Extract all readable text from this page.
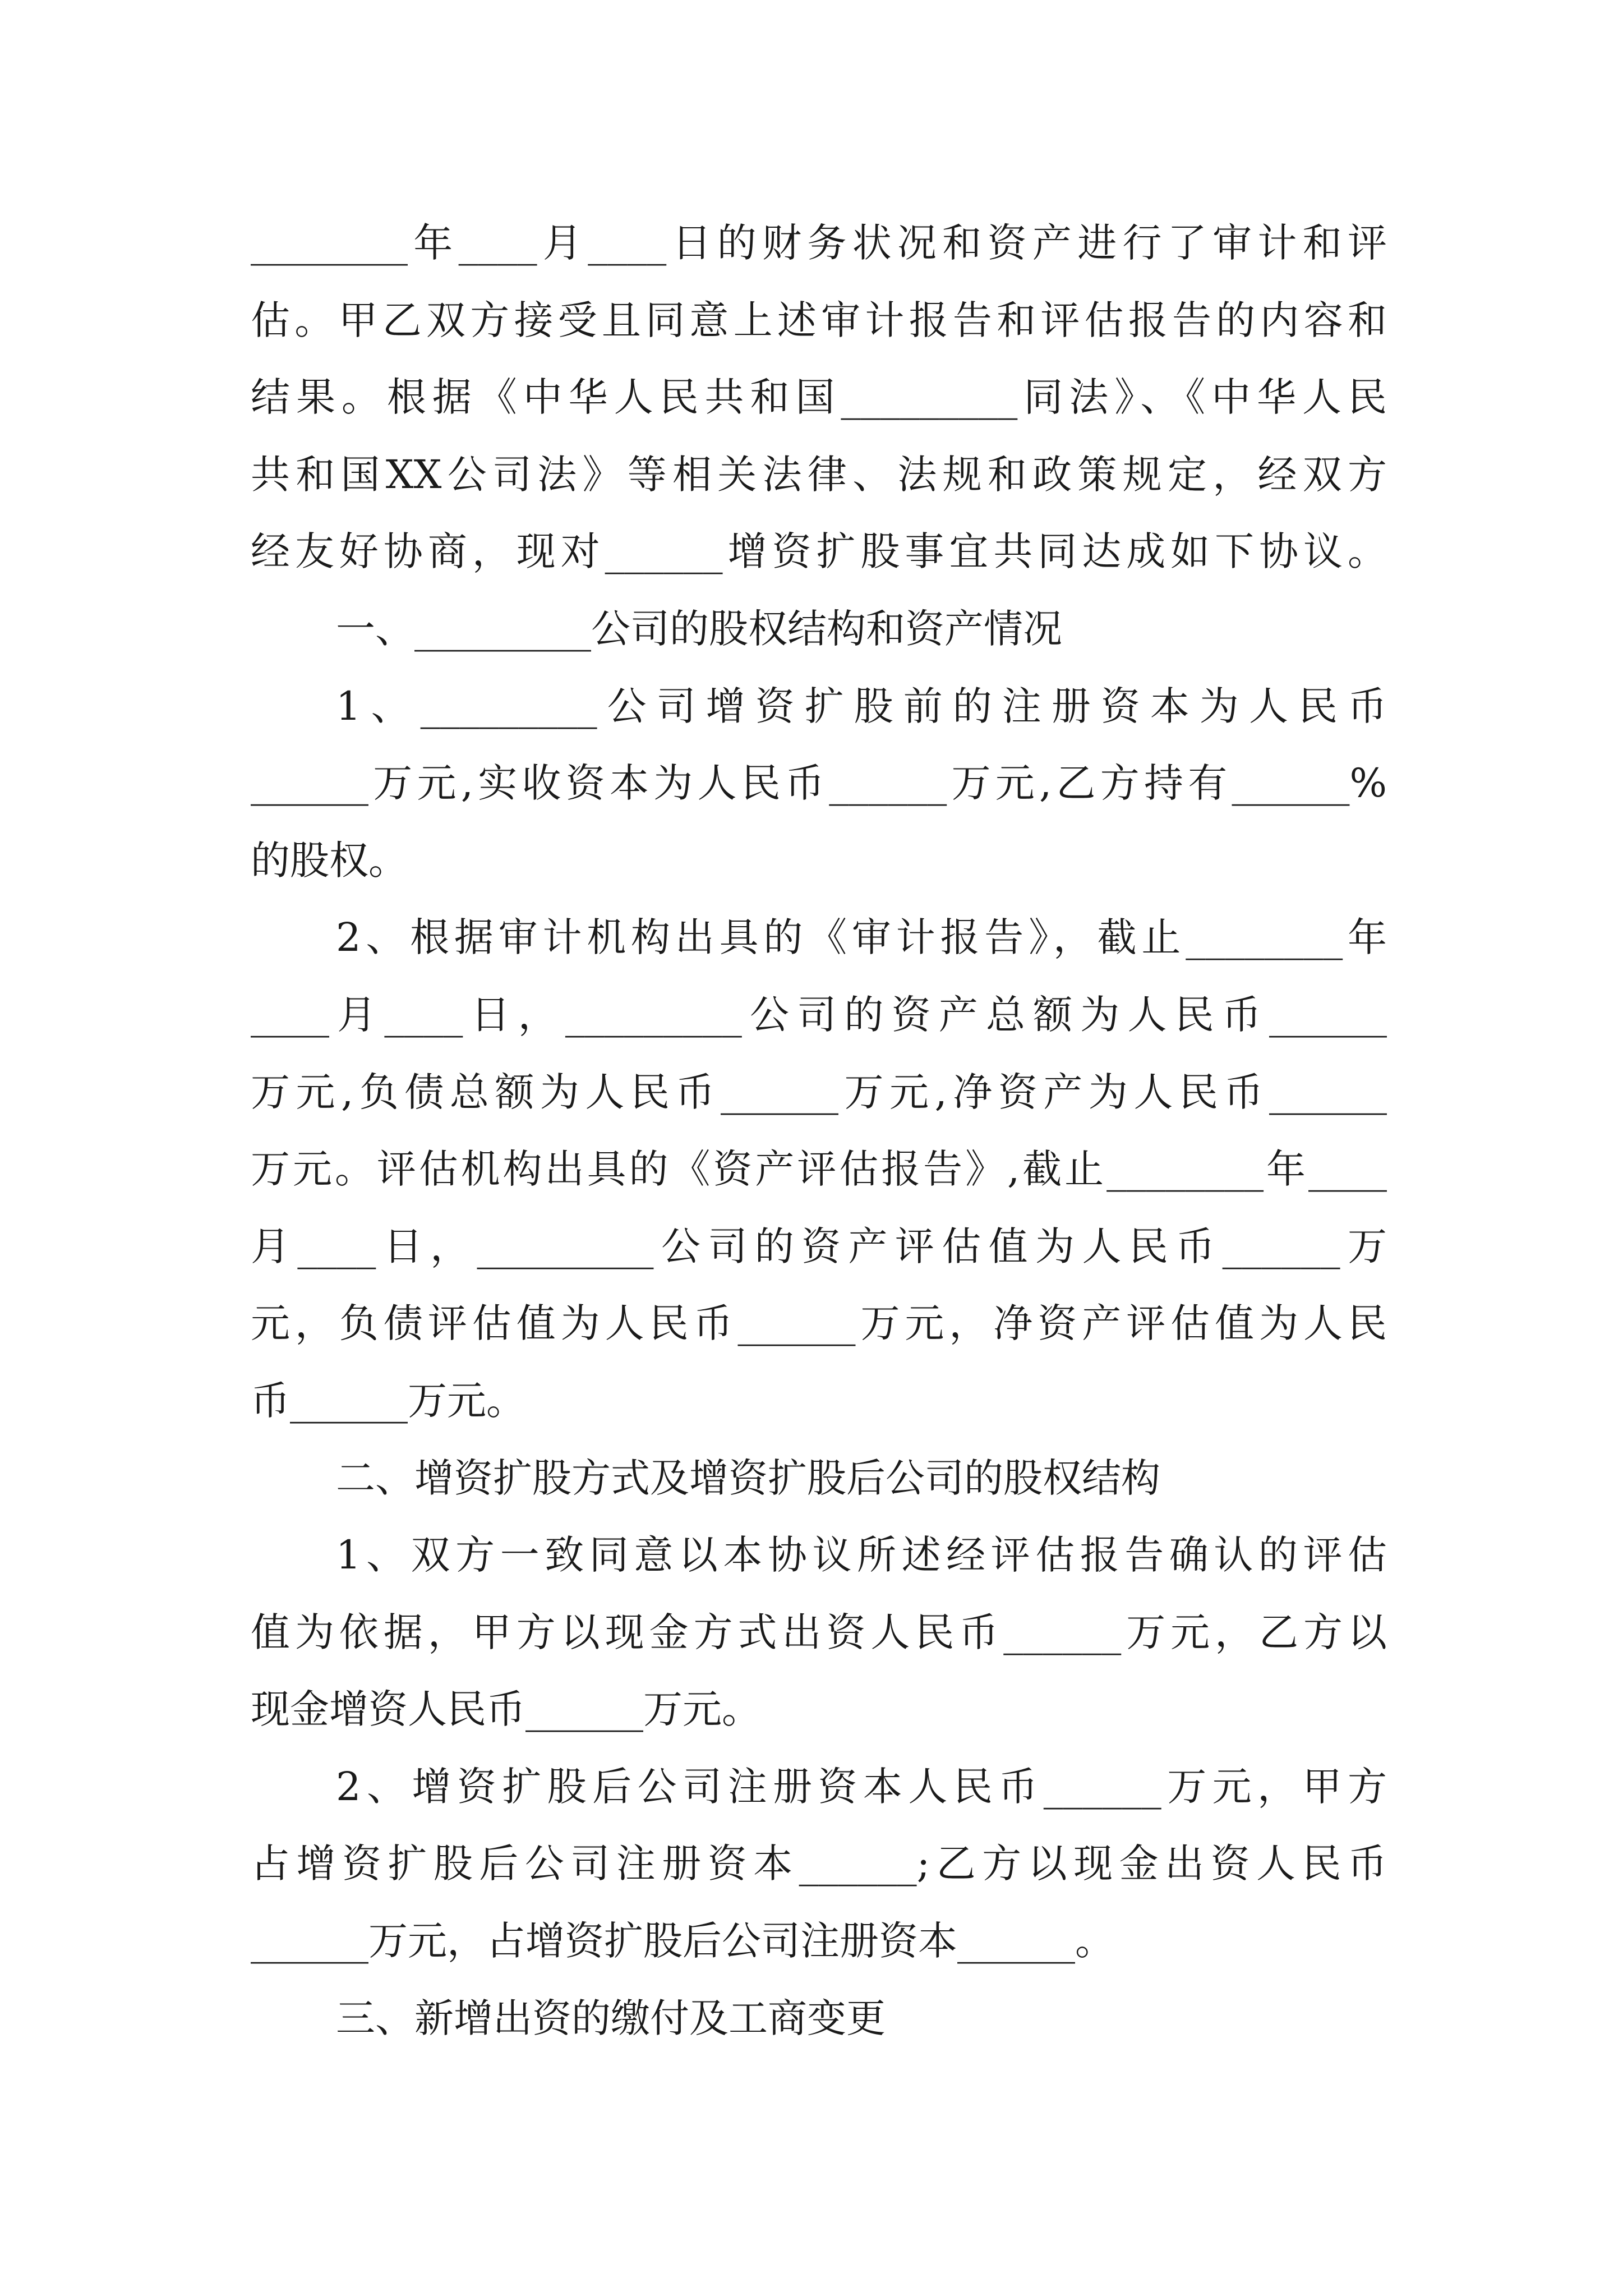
________年____月____日的财务状况和资产进行了审计和评
估。甲乙双方接受且同意上述审计报告和评估报告的内容和
结果。根据《中华人民共和国_________同法》、《中华人民
共和国XX公司法》等相关法律、法规和政策规定，经双方
经友好协商，现对______增资扩股事宜共同达成如下协议。
一、_________公司的股权结构和资产情况
1、_________公司增资扩股前的注册资本为人民币
______万元,实收资本为人民币______万元,乙方持有______%
的股权。
2、根据审计机构出具的《审计报告》，截止________年
____月____日，_________公司的资产总额为人民币______
万元,负债总额为人民币______万元,净资产为人民币______
万元。评估机构出具的《资产评估报告》,截止________年____
月____日，_________公司的资产评估值为人民币______万
元，负债评估值为人民币______万元，净资产评估值为人民
币______万元。
二、增资扩股方式及增资扩股后公司的股权结构
1、双方一致同意以本协议所述经评估报告确认的评估
值为依据，甲方以现金方式出资人民币______万元，乙方以
现金增资人民币______万元。
2、增资扩股后公司注册资本人民币______万元，甲方
占增资扩股后公司注册资本______;乙方以现金出资人民币
______万元，占增资扩股后公司注册资本______。
三、新增出资的缴付及工商变更
